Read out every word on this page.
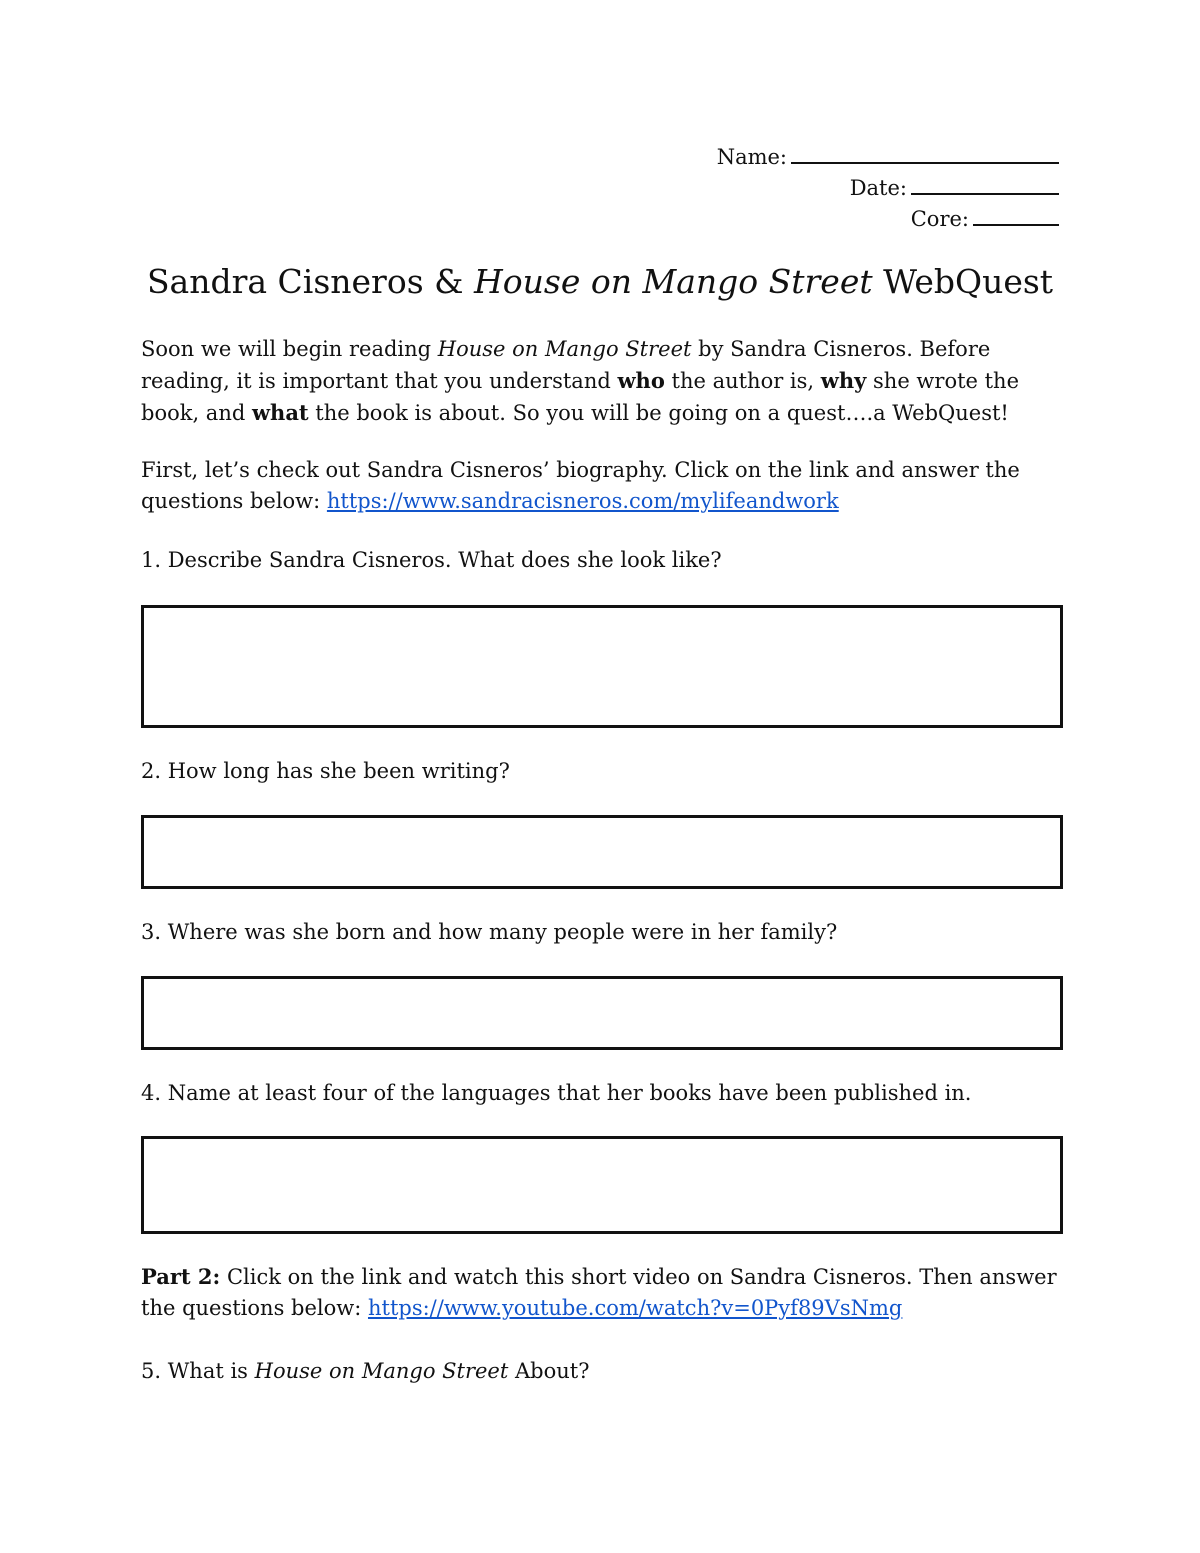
Name:
Date:
Core:
Sandra Cisneros & House on Mango Street WebQuest

Soon we will begin reading House on Mango Street by Sandra Cisneros. Before reading, it is important that you understand who the author is, why she wrote the book, and what the book is about. So you will be going on a quest….a WebQuest!

First, let’s check out Sandra Cisneros’ biography. Click on the link and answer the questions below: https://www.sandracisneros.com/mylifeandwork

1. Describe Sandra Cisneros. What does she look like?

2. How long has she been writing?

3. Where was she born and how many people were in her family?

4. Name at least four of the languages that her books have been published in.

Part 2: Click on the link and watch this short video on Sandra Cisneros. Then answer the questions below: https://www.youtube.com/watch?v=0Pyf89VsNmg

5. What is House on Mango Street About?
